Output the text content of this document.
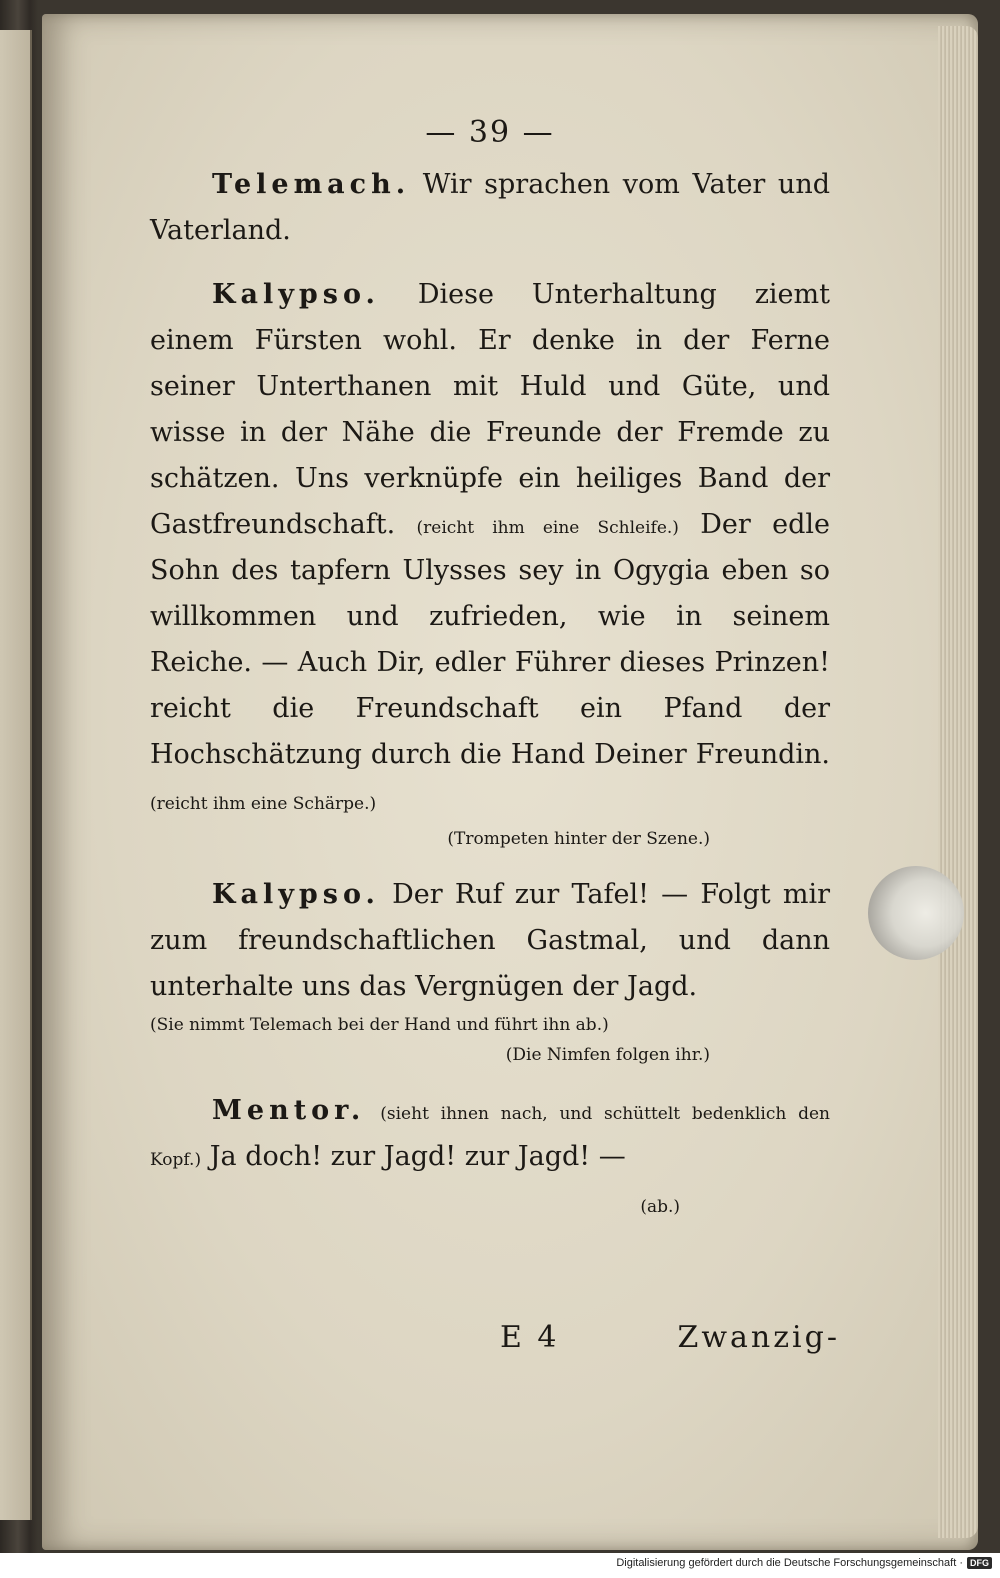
— 39 —

Telemach. Wir sprachen vom Vater und Vaterland.

Kalypso. Diese Unterhaltung ziemt einem Fürsten wohl. Er denke in der Ferne seiner Unterthanen mit Huld und Güte, und wisse in der Nähe die Freunde der Fremde zu schätzen. Uns verknüpfe ein heiliges Band der Gastfreundschaft. (reicht ihm eine Schleife.) Der edle Sohn des tapfern Ulysses sey in Ogygia eben so willkommen und zufrieden, wie in seinem Reiche. — Auch Dir, edler Führer dieses Prinzen! reicht die Freundschaft ein Pfand der Hochschätzung durch die Hand Deiner Freundin. (reicht ihm eine Schärpe.)

(Trompeten hinter der Szene.)

Kalypso. Der Ruf zur Tafel! — Folgt mir zum freundschaftlichen Gastmal, und dann unterhalte uns das Vergnügen der Jagd.

(Sie nimmt Telemach bei der Hand und führt ihn ab.)

(Die Nimfen folgen ihr.)

Mentor. (sieht ihnen nach, und schüttelt bedenklich den Kopf.) Ja doch! zur Jagd! zur Jagd! —

(ab.)

E 4	Zwanzig-
Digitalisierung gefördert durch die Deutsche Forschungsgemeinschaft · DFG
